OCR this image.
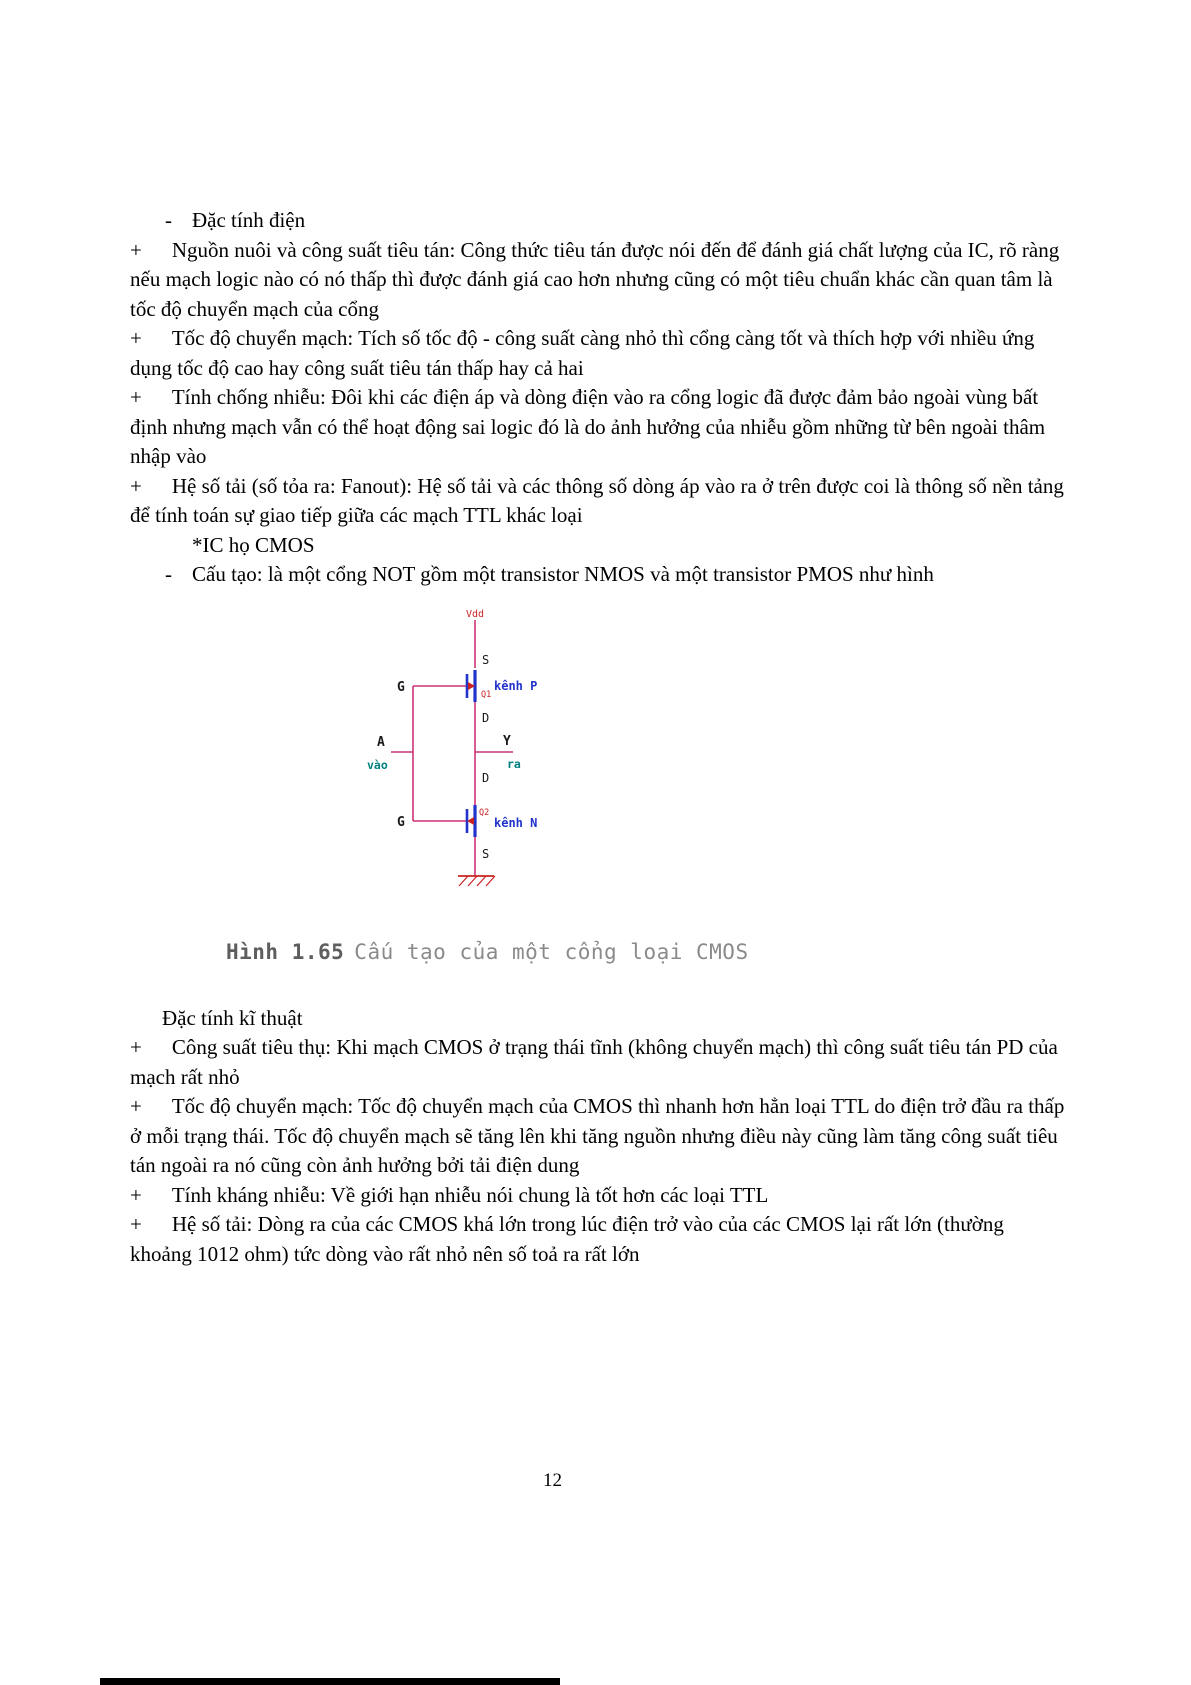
- Đặc tính điện

+ Nguồn nuôi và công suất tiêu tán: Công thức tiêu tán được nói đến để đánh giá chất lượng của IC, rõ ràng nếu mạch logic nào có nó thấp thì được đánh giá cao hơn nhưng cũng có một tiêu chuẩn khác cần quan tâm là tốc độ chuyển mạch của cổng

+ Tốc độ chuyển mạch: Tích số tốc độ - công suất càng nhỏ thì cổng càng tốt và thích hợp với nhiều ứng dụng tốc độ cao hay công suất tiêu tán thấp hay cả hai

+ Tính chống nhiễu: Đôi khi các điện áp và dòng điện vào ra cổng logic đã được đảm bảo ngoài vùng bất định nhưng mạch vẫn có thể hoạt động sai logic đó là do ảnh hưởng của nhiễu gồm những từ bên ngoài thâm nhập vào

+ Hệ số tải (số tỏa ra: Fanout): Hệ số tải và các thông số dòng áp vào ra ở trên được coi là thông số nền tảng để tính toán sự giao tiếp giữa các mạch TTL khác loại

*IC họ CMOS

- Cấu tạo: là một cổng NOT gồm một transistor NMOS và một transistor PMOS như hình

S
G
D
A	Y
D
G
S
Vdd
Q1
Q2
kênh P
kênh N
vào	ra
Hình 1.65 Cấu tạo của một cổng loại CMOS

Đặc tính kĩ thuật

+ Công suất tiêu thụ: Khi mạch CMOS ở trạng thái tĩnh (không chuyển mạch) thì công suất tiêu tán PD của mạch rất nhỏ

+ Tốc độ chuyển mạch: Tốc độ chuyển mạch của CMOS thì nhanh hơn hẳn loại TTL do điện trở đầu ra thấp ở mỗi trạng thái. Tốc độ chuyển mạch sẽ tăng lên khi tăng nguồn nhưng điều này cũng làm tăng công suất tiêu tán ngoài ra nó cũng còn ảnh hưởng bởi tải điện dung

+ Tính kháng nhiễu: Về giới hạn nhiễu nói chung là tốt hơn các loại TTL

+ Hệ số tải: Dòng ra của các CMOS khá lớn trong lúc điện trở vào của các CMOS lại rất lớn (thường khoảng 1012 ohm) tức dòng vào rất nhỏ nên số toả ra rất lớn

12
